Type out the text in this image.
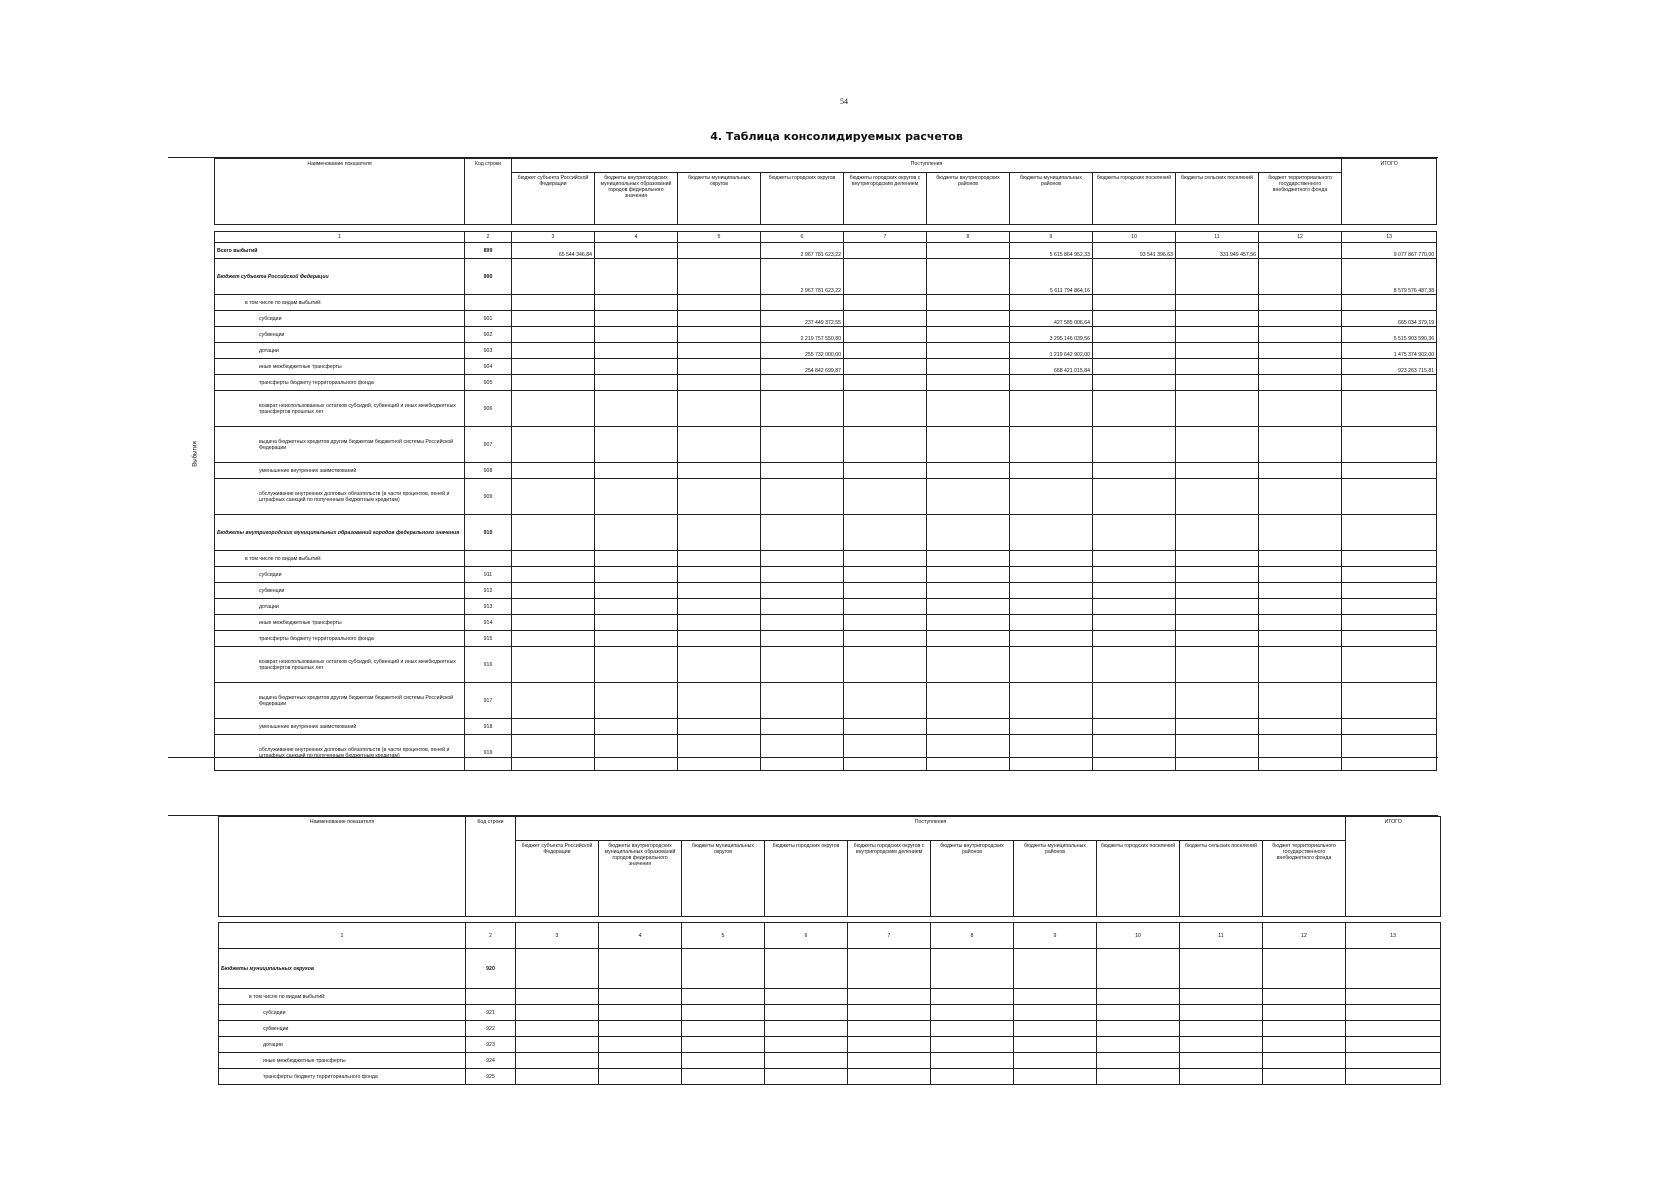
54
4. Таблица консолидируемых расчетов
Выбытия
Наименование показателя	Код строки	Поступления										ИТОГО
		бюджет субъекта Российской Федерации	бюджеты внутригородских муниципальных образований городов федерального значения	бюджеты муниципальных округов	бюджеты городских округов	бюджеты городских округов с внутригородским делением	бюджеты внутригородских районов	бюджеты муниципальных районов	бюджеты городских поселений	бюджеты сельских поселений	бюджет территориального государственного внебюджетного фонда	

1	2	3	4	5	6	7	8	9	10	11	12	13
Всего выбытий	899	65 544 346,84			2 967 781 623,22			5 615 864 952,33	93 541 396,63	331 949 457,56		9 077 867 770,00
Бюджет субъекта Российской Федерации	900				2 967 781 623,22			5 611 794 864,16				8 579 576 487,38
в том числе по видам выбытий:												
субсидии	901				237 449 372,55			427 585 006,64				665 034 379,19
субвенции	902				2 219 757 550,80			3 295 146 039,56				5 515 903 590,36
дотации	903				255 732 000,00			1 219 642 902,00				1 475 374 902,00
иные межбюджетные трансферты	904				254 842 699,87			668 421 015,84				923 263 715,81
трансферты бюджету территориального фонда	905											
возврат неиспользованных остатков субсидий, субвенций и иных межбюджетных трансфертов прошлых лет	906											
выдача бюджетных кредитов другим бюджетам бюджетной системы Российской Федерации	907											
уменьшение внутренних заимствований	908											
обслуживание внутренних долговых обязательств (в части процентов, пеней и штрафных санкций по полученным бюджетным кредитам)	909											
Бюджеты внутригородских муниципальных образований городов федерального значения	910											
в том числе по видам выбытий:												
субсидии	911											
субвенции	912											
дотации	913											
иные межбюджетные трансферты	914											
трансферты бюджету территориального фонда	915											
возврат неиспользованных остатков субсидий, субвенций и иных межбюджетных трансфертов прошлых лет	916											
выдача бюджетных кредитов другим бюджетам бюджетной системы Российской Федерации	917											
уменьшение внутренних заимствований	918											
обслуживание внутренних долговых обязательств (в части процентов, пеней и штрафных санкций по полученным бюджетным кредитам)	919											
Наименование показателя	Код строки	Поступления										ИТОГО
		бюджет субъекта Российской Федерации	бюджеты внутригородских муниципальных образований городов федерального значения	бюджеты муниципальных округов	бюджеты городских округов	бюджеты городских округов с внутригородским делением	бюджеты внутригородских районов	бюджеты муниципальных районов	бюджеты городских поселений	бюджеты сельских поселений	бюджет территориального государственного внебюджетного фонда	

1	2	3	4	5	6	7	8	9	10	11	12	13
Бюджеты муниципальных округов	920											
в том числе по видам выбытий:												
субсидии	921											
субвенции	922											
дотации	923											
иные межбюджетные трансферты	924											
трансферты бюджету территориального фонда	925											
